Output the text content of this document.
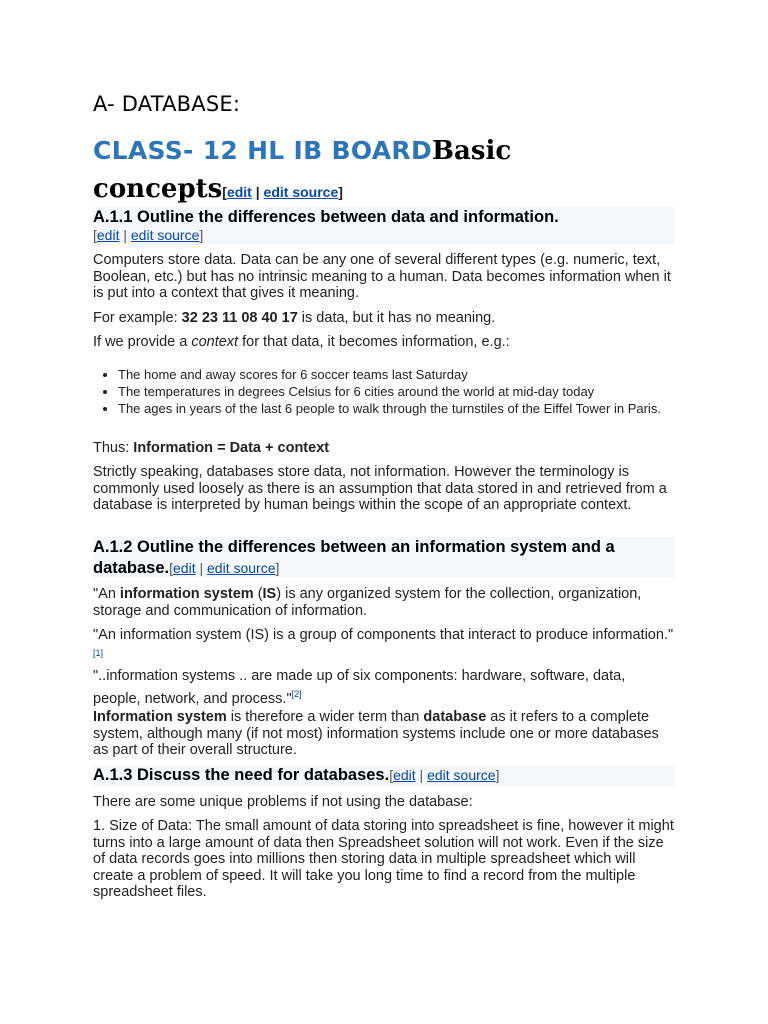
A- DATABASE:
CLASS- 12 HL IB BOARDBasic
concepts[edit | edit source]
A.1.1 Outline the differences between data and information.
[edit | edit source]

Computers store data. Data can be any one of several different types (e.g. numeric, text, Boolean, etc.) but has no intrinsic meaning to a human. Data becomes information when it is put into a context that gives it meaning.

For example: 32 23 11 08 40 17 is data, but it has no meaning.

If we provide a context for that data, it becomes information, e.g.:

• The home and away scores for 6 soccer teams last Saturday
• The temperatures in degrees Celsius for 6 cities around the world at mid-day today
• The ages in years of the last 6 people to walk through the turnstiles of the Eiffel Tower in Paris.

Thus: Information = Data + context

Strictly speaking, databases store data, not information. However the terminology is commonly used loosely as there is an assumption that data stored in and retrieved from a database is interpreted by human beings within the scope of an appropriate context.

A.1.2 Outline the differences between an information system and a database.[edit | edit source]

"An information system (IS) is any organized system for the collection, organization, storage and communication of information.

"An information system (IS) is a group of components that interact to produce information."[1]

"..information systems .. are made up of six components: hardware, software, data, people, network, and process."[2]

Information system is therefore a wider term than database as it refers to a complete system, although many (if not most) information systems include one or more databases as part of their overall structure.

A.1.3 Discuss the need for databases.[edit | edit source]

There are some unique problems if not using the database:

1. Size of Data: The small amount of data storing into spreadsheet is fine, however it might turns into a large amount of data then Spreadsheet solution will not work. Even if the size of data records goes into millions then storing data in multiple spreadsheet which will create a problem of speed. It will take you long time to find a record from the multiple spreadsheet files.
